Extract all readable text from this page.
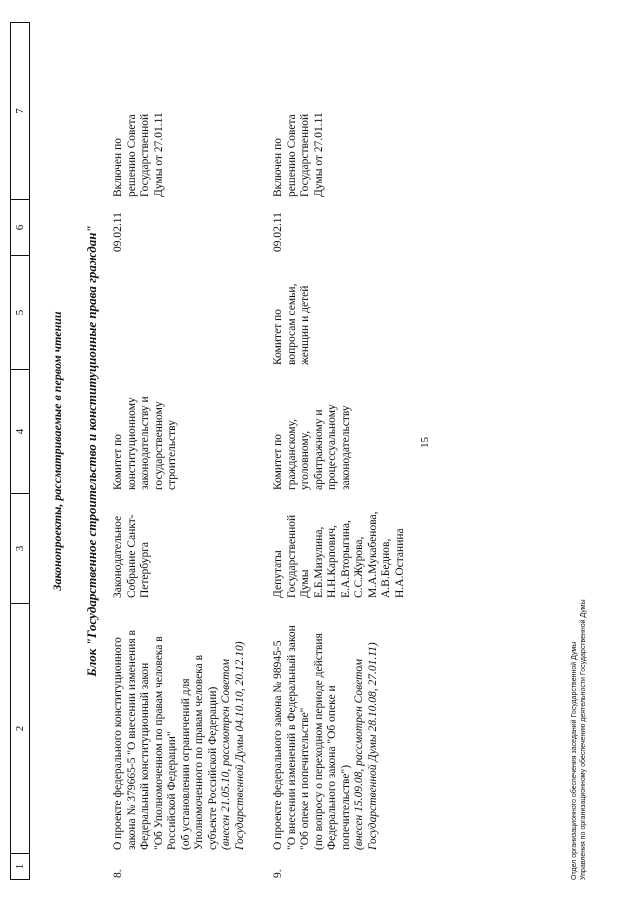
15
1
2
3
4
5
6
7
Законопроекты, рассматриваемые в первом чтении Блок "Государственное строительство и конституционные права граждан"
8.
О проекте федерального конституционного закона № 379665-5 "О внесении изменения в Федеральный конституционный закон "Об Уполномоченном по правам человека в Российской Федерации" (об установлении ограничений для Уполномоченного по правам человека в субъекте Российской Федерации) (внесен 21.05.10, рассмотрен Советом Государственной Думы 04.10.10, 20.12.10)
Законодательное Собрание Санкт- Петербурга
Комитет по конституционному законодательству и государственному строительству
09.02.11
Включен по решению Совета Государственной Думы от 27.01.11
9.
О проекте федерального закона № 98945-5 "О внесении изменений в Федеральный закон "Об опеке и попечительстве" (по вопросу о переходном периоде действия Федерального закона "Об опеке и попечительстве") (внесен 15.09.08, рассмотрен Советом Государственной Думы 28.10.08, 27.01.11)
Депутаты Государственной Думы Е.Б.Мизулина, Н.Н.Карпович, Е.А.Вторыгина, С.С.Журова, М.А.Мукабенова, А.В.Беднов, Н.А.Останина
Комитет по гражданскому, уголовному, арбитражному и процессуальному законодательству
Комитет по вопросам семьи, женщин и детей
09.02.11
Включен по решению Совета Государственной Думы от 27.01.11
Отдел организационного обеспечения заседаний Государственной Думы Управления по организационному обеспечению деятельности Государственной Думы
